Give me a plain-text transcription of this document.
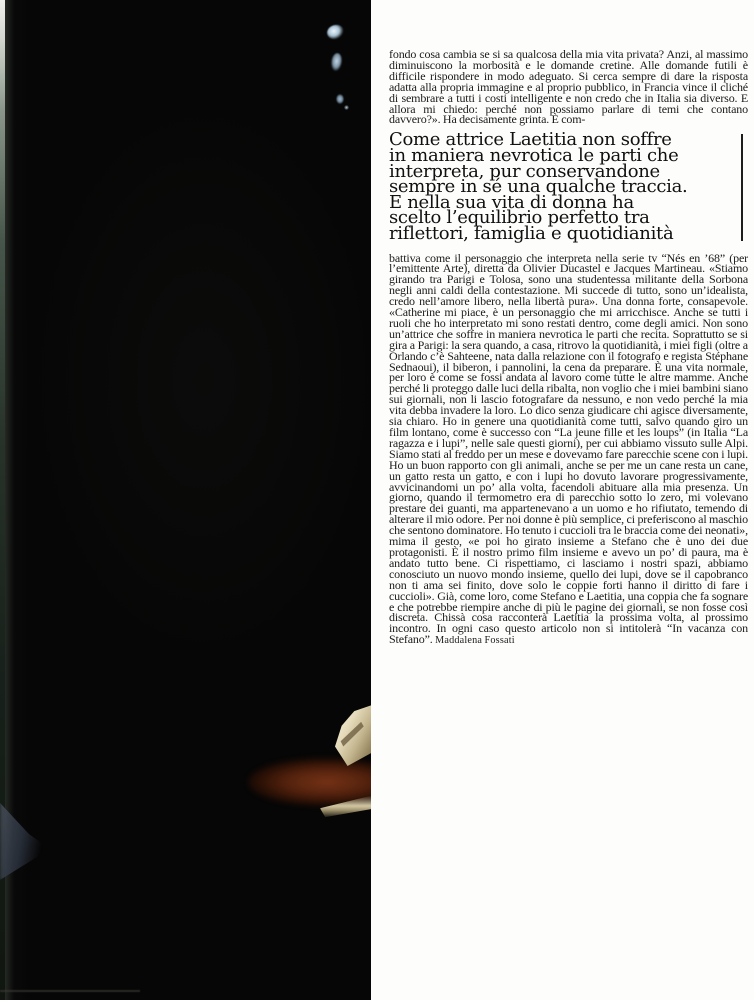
fondo cosa cambia se si sa qualcosa della mia vita privata? Anzi, al massimo diminuiscono la morbosità e le domande cretine. Alle domande futili è difficile rispondere in modo adeguato. Si cerca sempre di dare la risposta adatta alla propria immagine e al proprio pubblico, in Francia vince il cliché di sembrare a tutti i costi intelligente e non credo che in Italia sia diverso. E allora mi chiedo: perché non possiamo parlare di temi che contano davvero?». Ha decisamente grinta. È com-
Come attrice Laetitia non soffre
in maniera nevrotica le parti che
interpreta, pur conservandone
sempre in sé una qualche traccia.
E nella sua vita di donna ha
scelto l’equilibrio perfetto tra
riflettori, famiglia e quotidianità
battiva come il personaggio che interpreta nella serie tv “Nés en ’68” (per l’emittente Arte), diretta da Olivier Ducastel e Jacques Martineau. «Stiamo girando tra Parigi e Tolosa, sono una studentessa militante della Sorbona negli anni caldi della contestazione. Mi succede di tutto, sono un’idealista, credo nell’amore libero, nella libertà pura». Una donna forte, consapevole. «Catherine mi piace, è un personaggio che mi arricchisce. Anche se tutti i ruoli che ho interpretato mi sono restati dentro, come degli amici. Non sono un’attrice che soffre in maniera nevrotica le parti che recita. Soprattutto se si gira a Parigi: la sera quando, a casa, ritrovo la quotidianità, i miei figli (oltre a Orlando c’è Sahteene, nata dalla relazione con il fotografo e regista Stéphane Sednaoui), il biberon, i pannolini, la cena da preparare. È una vita normale, per loro è come se fossi andata al lavoro come tutte le altre mamme. Anche perché li proteggo dalle luci della ribalta, non voglio che i miei bambini siano sui giornali, non li lascio fotografare da nessuno, e non vedo perché la mia vita debba invadere la loro. Lo dico senza giudicare chi agisce diversamente, sia chiaro. Ho in genere una quotidianità come tutti, salvo quando giro un film lontano, come è successo con “La jeune fille et les loups” (in Italia “La ragazza e i lupi”, nelle sale questi giorni), per cui abbiamo vissuto sulle Alpi. Siamo stati al freddo per un mese e dovevamo fare parecchie scene con i lupi. Ho un buon rapporto con gli animali, anche se per me un cane resta un cane, un gatto resta un gatto, e con i lupi ho dovuto lavorare progressivamente, avvicinandomi un po’ alla volta, facendoli abituare alla mia presenza. Un giorno, quando il termometro era di parecchio sotto lo zero, mi volevano prestare dei guanti, ma appartenevano a un uomo e ho rifiutato, temendo di alterare il mio odore. Per noi donne è più semplice, ci preferiscono al maschio che sentono dominatore. Ho tenuto i cuccioli tra le braccia come dei neonati», mima il gesto, «e poi ho girato insieme a Stefano che è uno dei due protagonisti. È il nostro primo film insieme e avevo un po’ di paura, ma è andato tutto bene. Ci rispettiamo, ci lasciamo i nostri spazi, abbiamo conosciuto un nuovo mondo insieme, quello dei lupi, dove se il capobranco non ti ama sei finito, dove solo le coppie forti hanno il diritto di fare i cuccioli». Già, come loro, come Stefano e Laetitia, una coppia che fa sognare e che potrebbe riempire anche di più le pagine dei giornali, se non fosse così discreta. Chissà cosa racconterà Laetitia la prossima volta, al prossimo incontro. In ogni caso questo articolo non si intitolerà “In vacanza con Stefano”. Maddalena Fossati
